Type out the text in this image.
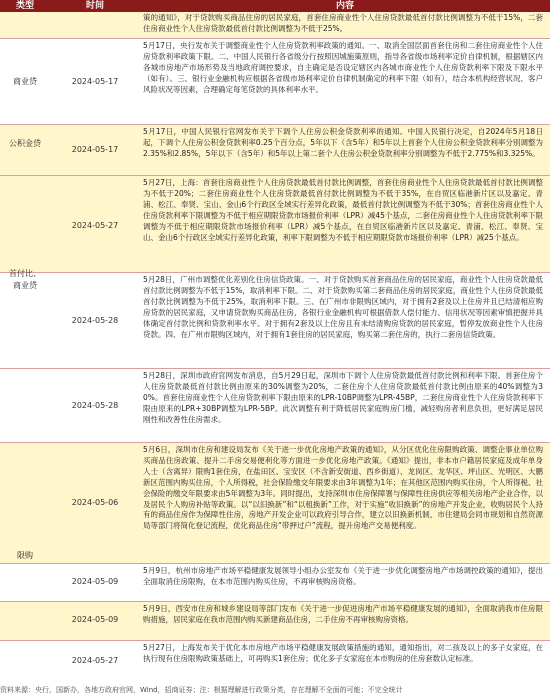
类型	时间	内容
策的通知》，对于贷款购买商品住房的居民家庭，首套住房商业性个人住房贷款最低首付款比例调整为不低于15%，二套住房商业性个人住房贷款最低首付款比例调整为不低于25%。
2024-05-17
5月17日，央行发布关于调整商业性个人住房贷款利率政策的通知。一、取消全国层面首套住房和二套住房商业性个人住房贷款利率政策下限。二、中国人民银行各省级分行按照因城施策原则，指导各省级市场利率定价自律机制，根据辖区内各城市房地产市场形势及当地政府调控要求，自主确定是否设定辖区内各城市商业性个人住房贷款利率下限及下限水平（如有）。三、银行业金融机构应根据各省级市场利率定价自律机制确定的利率下限（如有），结合本机构经营状况、客户风险状况等因素，合理确定每笔贷款的具体利率水平。
2024-05-17
5月17日，中国人民银行官网发布关于下调个人住房公积金贷款利率的通知。中国人民银行决定，自2024年5月18日起，下调个人住房公积金贷款利率0.25个百分点，5年以下（含5年）和5年以上首套个人住房公积金贷款利率分别调整为2.35%和2.85%，5年以下（含5年）和5年以上第二套个人住房公积金贷款利率分别调整为不低于2.775%和3.325%。
2024-05-27
5月27日，上海：首套住房商业性个人住房贷款最低首付款比例调整，首套住房商业性个人住房贷款最低首付款比例调整为不低于20%；二套住房商业性个人住房贷款最低首付款比例调整为不低于35%，在自贸区临港新片区以及嘉定、青浦、松江、奉贤、宝山、金山6个行政区全域实行差异化政策，最低首付款比例调整为不低于30%；首套住房商业性个人住房贷款利率下限调整为不低于相应期限贷款市场报价利率（LPR）减45个基点，二套住房商业性个人住房贷款利率下限调整为不低于相应期限贷款市场报价利率（LPR）减5个基点，在自贸区临港新片区以及嘉定、青浦、松江、奉贤、宝山、金山6个行政区全域实行差异化政策，利率下限调整为不低于相应期限贷款市场报价利率（LPR）减25个基点。
2024-05-28
5月28日，广州市调整优化差别化住房信贷政策。一、对于贷款购买首套商品住房的居民家庭，商业性个人住房贷款最低首付款比例调整为不低于15%，取消利率下限。二、对于贷款购买第二套商品住房的居民家庭，商业性个人住房贷款最低首付款比例调整为不低于25%，取消利率下限。三、在广州市非限购区域内，对于拥有2套及以上住房并且已结清相应购房贷款的居民家庭，又申请贷款购买商品住房，各银行业金融机构可根据借款人偿付能力、信用状况等因素审慎把握并具体确定首付款比例和贷款利率水平。对于拥有2套及以上住房且有未结清购房贷款的居民家庭，暂停发放商业性个人住房贷款。四、在广州市限购区域内，对于拥有1套住房的居民家庭，购买第二套住房的，执行二套房信贷政策。
2024-05-28
5月28日，深圳市政府官网发布消息，自5月29日起，深圳市下调个人住房贷款最低首付款比例和利率下限。首套住房个人住房贷款最低首付款比例由原来的30%调整为20%，二套住房个人住房贷款最低首付款比例由原来的40%调整为30%。首套住房商业性个人住房贷款利率下限由原来的LPR-10BP调整为LPR-45BP，二套住房商业性个人住房贷款利率下限由原来的LPR+30BP调整为LPR-5BP。此次调整有利于降低居民家庭购房门槛，减轻购房者利息负担，更好满足居民刚性和改善性住房需求。
2024-05-06
5月6日，深圳市住房和建设局发布《关于进一步优化房地产政策的通知》，从分区优化住房限购政策、调整企事业单位购买商品住房政策、提升二手房交易便利化等方面进一步优化房地产政策。《通知》提出，非本市户籍居民家庭及成年单身人士（含离异）限购1套住房，在盐田区、宝安区（不含新安街道、西乡街道）、龙岗区、龙华区、坪山区、光明区、大鹏新区范围内购买住房，个人所得税，社会保险缴交年限要求由3年调整为1年；在其他区范围内购买住房，个人所得税、社会保险的缴交年限要求由5年调整为3年。同时提出，支持深圳市住房保障署与保障性住房供应等相关房地产企业合作，以及居民个人购房补贴等政策。以“以旧换新”和“以租换新”工作，对于实施“收旧换新”的房地产开发企业，收购居民个人持有的商品住房作为保障性住房，房地产开发企业可以政府引导合作，建立以旧换新机制，市住建局会同市规划和自然资源局等部门将简化登记流程，优化商品住房“带押过户”流程，提升房地产交易便利度。
2024-05-09
5月9日，杭州市房地产市场平稳健康发展领导小组办公室发布《关于进一步优化调整房地产市场调控政策的通知》，提出全面取消住房限购，在本市范围内购买住房，不再审核购房资格。
2024-05-09
5月9日，西安市住房和城乡建设局等部门发布《关于进一步促进房地产市场平稳健康发展的通知》，全面取消我市住房限购措施，居民家庭在我市范围内购买新建商品住房，二手住房不再审核购房资格。
2024-05-27
5月27日，上海发布关于优化本市房地产市场平稳健康发展政策措施的通知，通知指出，对二孩及以上的多子女家庭，在执行现有住房限购政策基础上，可再购买1套住房；优化多子女家庭在本市购房的住房套数认定标准。
商业贷
公积金贷
首付比、商业贷
限购
资料来源：央行，国新办，各地方政府官网，Wind，招商证券；注：根据理解进行政策分类，存在理解不全面的可能；不完全统计
